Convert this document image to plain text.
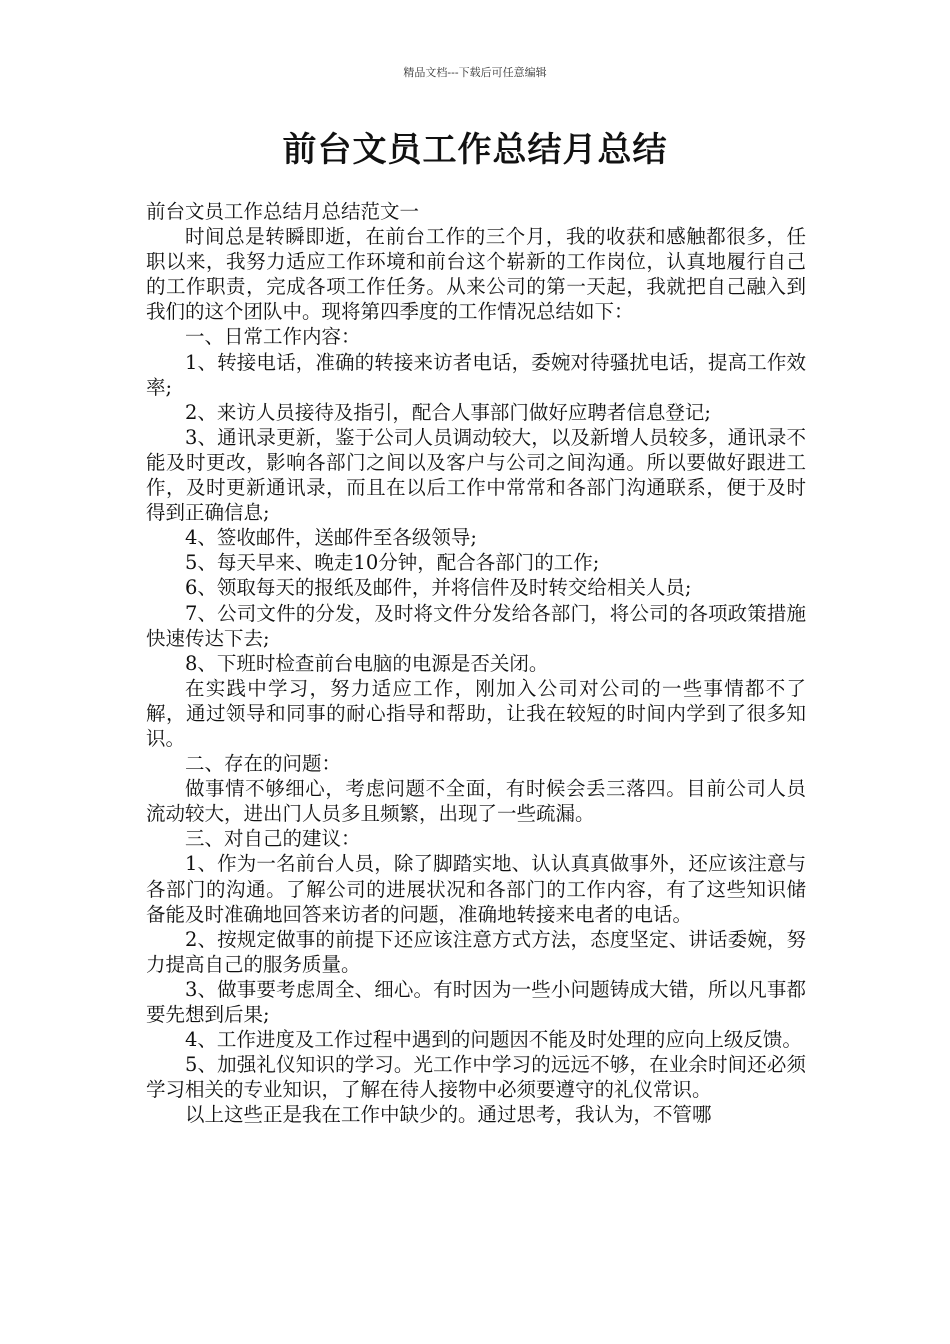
精品文档---下载后可任意编辑
前台文员工作总结月总结

前台文员工作总结月总结范文一

时间总是转瞬即逝，在前台工作的三个月，我的收获和感触都很多，任职以来，我努力适应工作环境和前台这个崭新的工作岗位，认真地履行自己的工作职责，完成各项工作任务。从来公司的第一天起，我就把自己融入到我们的这个团队中。现将第四季度的工作情况总结如下：

一、日常工作内容：

1、转接电话，准确的转接来访者电话，委婉对待骚扰电话，提高工作效率;

2、来访人员接待及指引，配合人事部门做好应聘者信息登记;

3、通讯录更新，鉴于公司人员调动较大，以及新增人员较多，通讯录不能及时更改，影响各部门之间以及客户与公司之间沟通。所以要做好跟进工作，及时更新通讯录，而且在以后工作中常常和各部门沟通联系，便于及时得到正确信息;

4、签收邮件，送邮件至各级领导;

5、每天早来、晚走10分钟，配合各部门的工作;

6、领取每天的报纸及邮件，并将信件及时转交给相关人员;

7、公司文件的分发，及时将文件分发给各部门，将公司的各项政策措施快速传达下去;

8、下班时检查前台电脑的电源是否关闭。

在实践中学习，努力适应工作，刚加入公司对公司的一些事情都不了解，通过领导和同事的耐心指导和帮助，让我在较短的时间内学到了很多知识。

二、存在的问题：

做事情不够细心，考虑问题不全面，有时候会丢三落四。目前公司人员流动较大，进出门人员多且频繁，出现了一些疏漏。

三、对自己的建议：

1、作为一名前台人员，除了脚踏实地、认认真真做事外，还应该注意与各部门的沟通。了解公司的进展状况和各部门的工作内容，有了这些知识储备能及时准确地回答来访者的问题，准确地转接来电者的电话。

2、按规定做事的前提下还应该注意方式方法，态度坚定、讲话委婉，努力提高自己的服务质量。

3、做事要考虑周全、细心。有时因为一些小问题铸成大错，所以凡事都要先想到后果;

4、工作进度及工作过程中遇到的问题因不能及时处理的应向上级反馈。

5、加强礼仪知识的学习。光工作中学习的远远不够，在业余时间还必须学习相关的专业知识，了解在待人接物中必须要遵守的礼仪常识。

以上这些正是我在工作中缺少的。通过思考，我认为，不管哪
